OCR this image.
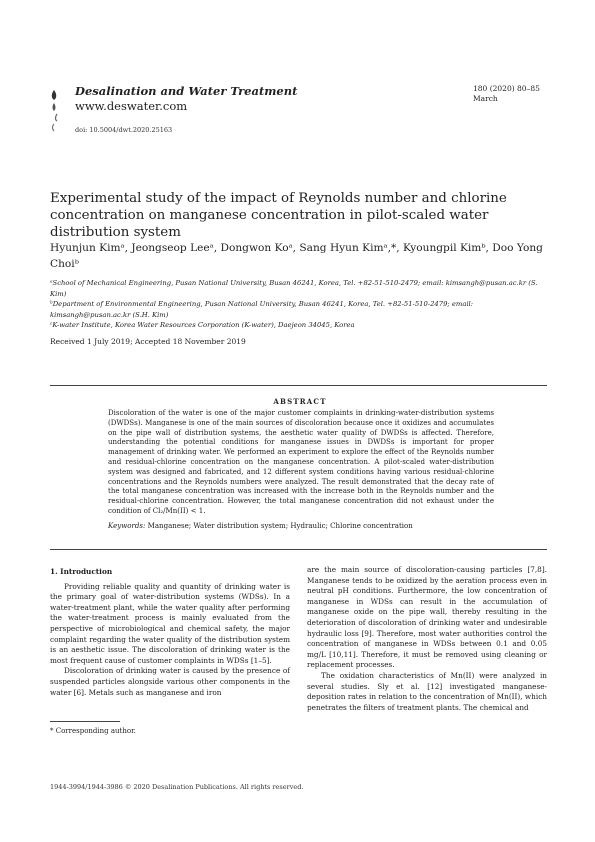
Desalination and Water Treatment
www.deswater.com
doi: 10.5004/dwt.2020.25163
180 (2020) 80–85
March
Experimental study of the impact of Reynolds number and chlorine concentration on manganese concentration in pilot-scaled water distribution system
Hyunjun Kimᵃ, Jeongseop Leeᵃ, Dongwon Koᵃ, Sang Hyun Kimᵃ,*, Kyoungpil Kimᵇ, Doo Yong Choiᵇ
ᵃSchool of Mechanical Engineering, Pusan National University, Busan 46241, Korea, Tel. +82-51-510-2479; email: kimsangh@pusan.ac.kr (S. Kim)
ᵇDepartment of Environmental Engineering, Pusan National University, Busan 46241, Korea, Tel. +82-51-510-2479; email: kimsangh@pusan.ac.kr (S.H. Kim)
ᶜK-water Institute, Korea Water Resources Corporation (K-water), Daejeon 34045, Korea
Received 1 July 2019; Accepted 18 November 2019
ABSTRACT
Discoloration of the water is one of the major customer complaints in drinking-water-distribution systems (DWDSs). Manganese is one of the main sources of discoloration because once it oxidizes and accumulates on the pipe wall of distribution systems, the aesthetic water quality of DWDSs is affected. Therefore, understanding the potential conditions for manganese issues in DWDSs is important for proper management of drinking water. We performed an experiment to explore the effect of the Reynolds number and residual-chlorine concentration on the manganese concentration. A pilot-scaled water-distribution system was designed and fabricated, and 12 different system conditions having various residual-chlorine concentrations and the Reynolds numbers were analyzed. The result demonstrated that the decay rate of the total manganese concentration was increased with the increase both in the Reynolds number and the residual-chlorine concentration. However, the total manganese concentration did not exhaust under the condition of Cl₂/Mn(II) < 1.
Keywords: Manganese; Water distribution system; Hydraulic; Chlorine concentration
1. Introduction

Providing reliable quality and quantity of drinking water is the primary goal of water-distribution systems (WDSs). In a water-treatment plant, while the water quality after performing the water-treatment process is mainly evaluated from the perspective of microbiological and chemical safety, the major complaint regarding the water quality of the distribution system is an aesthetic issue. The discoloration of drinking water is the most frequent cause of customer complaints in WDSs [1–5].

Discoloration of drinking water is caused by the presence of suspended particles alongside various other components in the water [6]. Metals such as manganese and iron

are the main source of discoloration-causing particles [7,8]. Manganese tends to be oxidized by the aeration process even in neutral pH conditions. Furthermore, the low concentration of manganese in WDSs can result in the accumulation of manganese oxide on the pipe wall, thereby resulting in the deterioration of discoloration of drinking water and undesirable hydraulic loss [9]. Therefore, most water authorities control the concentration of manganese in WDSs between 0.1 and 0.05 mg/L [10,11]. Therefore, it must be removed using cleaning or replacement processes.

The oxidation characteristics of Mn(II) were analyzed in several studies. Sly et al. [12] investigated manganese-deposition rates in relation to the concentration of Mn(II), which penetrates the filters of treatment plants. The chemical and

* Corresponding author.
1944-3994/1944-3986 © 2020 Desalination Publications. All rights reserved.
